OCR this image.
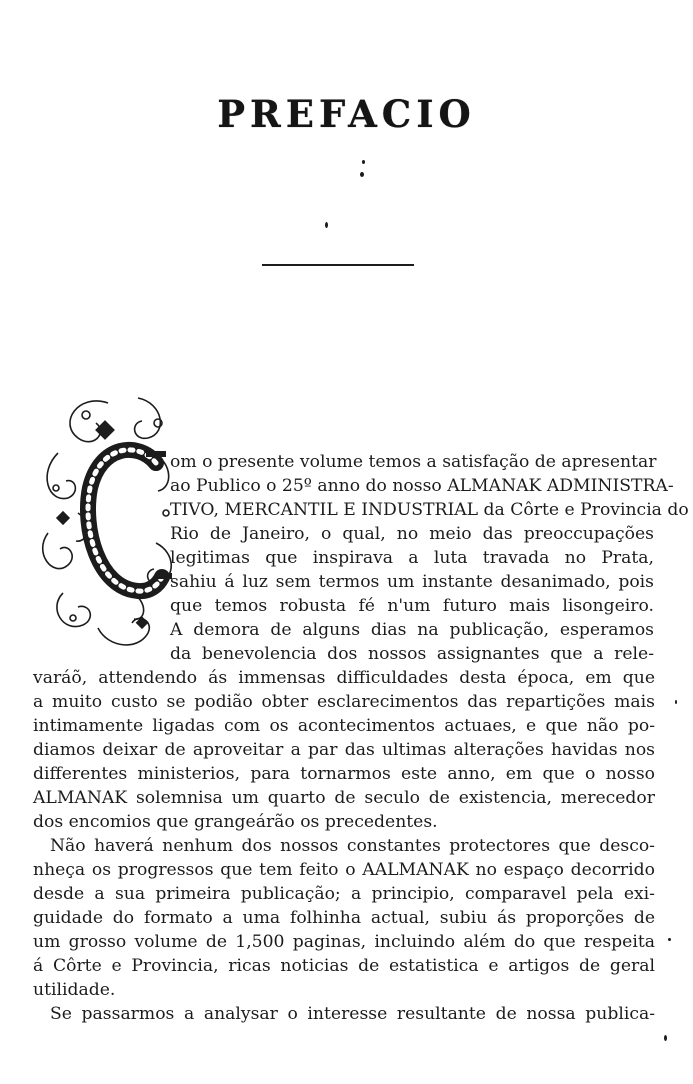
PREFACIO
om o presente volume temos a satisfação de apresentar
ao Publico o 25º anno do nosso ALMANAK ADMINISTRA-
TIVO, MERCANTIL E INDUSTRIAL da Côrte e Provincia do
Rio de Janeiro, o qual, no meio das preoccupações
legitimas que inspirava a luta travada no Prata,
sahiu á luz sem termos um instante desanimado, pois
que temos robusta fé n'um futuro mais lisongeiro.
A demora de alguns dias na publicação, esperamos
da benevolencia dos nossos assignantes que a rele-
varáõ, attendendo ás immensas difficuldades desta época, em que
a muito custo se podião obter esclarecimentos das repartições mais
intimamente ligadas com os acontecimentos actuaes, e que não po-
diamos deixar de aproveitar a par das ultimas alterações havidas nos
differentes ministerios, para tornarmos este anno, em que o nosso
ALMANAK solemnisa um quarto de seculo de existencia, merecedor
dos encomios que grangeárão os precedentes.
Não haverá nenhum dos nossos constantes protectores que desco-
nheça os progressos que tem feito o AALMANAK no espaço decorrido
desde a sua primeira publicação; a principio, comparavel pela exi-
guidade do formato a uma folhinha actual, subiu ás proporções de
um grosso volume de 1,500 paginas, incluindo além do que respeita
á Côrte e Provincia, ricas noticias de estatistica e artigos de geral
utilidade.
Se passarmos a analysar o interesse resultante de nossa publica-
